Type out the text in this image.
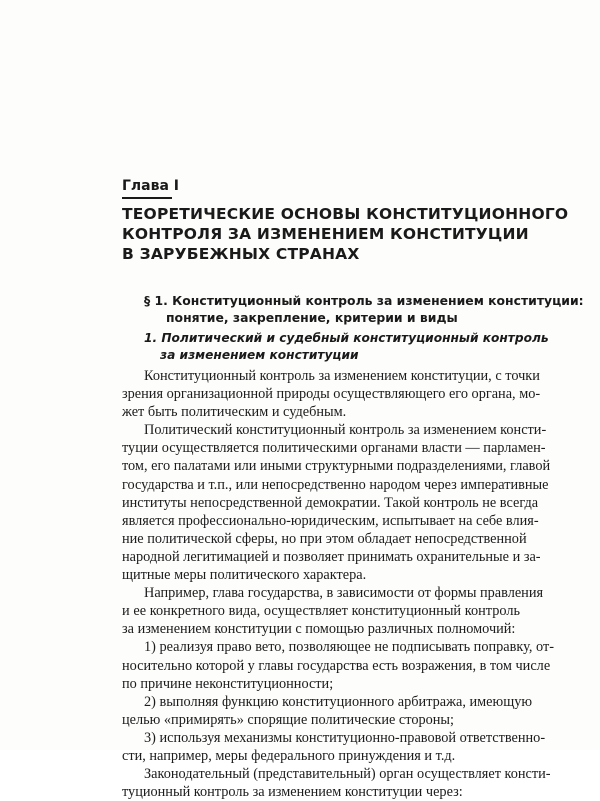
Глава I
ТЕОРЕТИЧЕСКИЕ ОСНОВЫ КОНСТИТУЦИОННОГО
КОНТРОЛЯ ЗА ИЗМЕНЕНИЕМ КОНСТИТУЦИИ
В ЗАРУБЕЖНЫХ СТРАНАХ
§ 1. Конституционный контроль за изменением конституции:
понятие, закрепление, критерии и виды
1. Политический и судебный конституционный контроль
за изменением конституции
Конституционный контроль за изменением конституции, с точки
зрения организационной природы осуществляющего его органа, мо-
жет быть политическим и судебным.
Политический конституционный контроль за изменением консти-
туции осуществляется политическими органами власти — парламен-
том, его палатами или иными структурными подразделениями, главой
государства и т.п., или непосредственно народом через императивные
институты непосредственной демократии. Такой контроль не всегда
является профессионально-юридическим, испытывает на себе влия-
ние политической сферы, но при этом обладает непосредственной
народной легитимацией и позволяет принимать охранительные и за-
щитные меры политического характера.
Например, глава государства, в зависимости от формы правления
и ее конкретного вида, осуществляет конституционный контроль
за изменением конституции с помощью различных полномочий:
1) реализуя право вето, позволяющее не подписывать поправку, от-
носительно которой у главы государства есть возражения, в том числе
по причине неконституционности;
2) выполняя функцию конституционного арбитража, имеющую
целью «примирять» спорящие политические стороны;
3) используя механизмы конституционно-правовой ответственно-
сти, например, меры федерального принуждения и т.д.
Законодательный (представительный) орган осуществляет консти-
туционный контроль за изменением конституции через:
